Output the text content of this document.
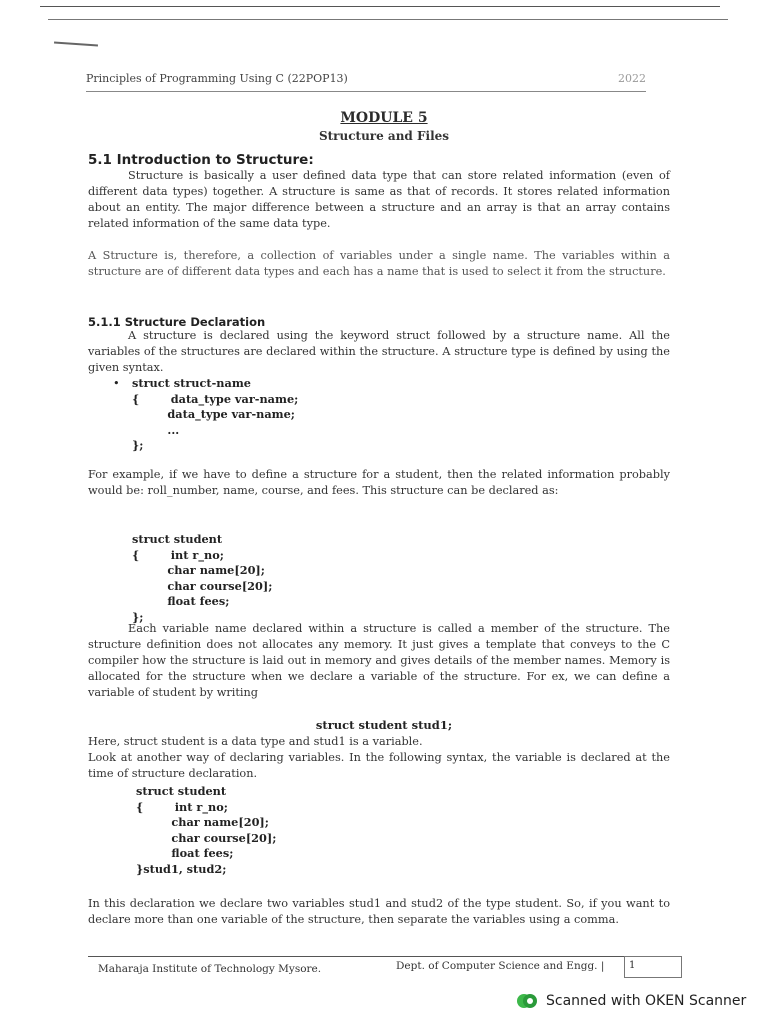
Principles of Programming Using C (22POP13)	2022
MODULE 5
Structure and Files
5.1 Introduction to Structure:
Structure is basically a user defined data type that can store related information (even of different data types) together. A structure is same as that of records. It stores related information about an entity. The major difference between a structure and an array is that an array contains related information of the same data type.
A Structure is, therefore, a collection of variables under a single name. The variables within a structure are of different data types and each has a name that is used to select it from the structure.
5.1.1 Structure Declaration
A structure is declared using the keyword struct followed by a structure name. All the variables of the structures are declared within the structure. A structure type is defined by using the given syntax.
• struct struct-name
{        data_type var-name;
data_type var-name;
...
};
For example, if we have to define a structure for a student, then the related information probably would be: roll_number, name, course, and fees. This structure can be declared as:
struct student
{        int r_no;
char name[20];
char course[20];
float fees;
};
Each variable name declared within a structure is called a member of the structure. The structure definition does not allocates any memory. It just gives a template that conveys to the C compiler how the structure is laid out in memory and gives details of the member names. Memory is allocated for the structure when we declare a variable of the structure. For ex, we can define a variable of student by writing
struct student stud1;
Here, struct student is a data type and stud1 is a variable.
Look at another way of declaring variables. In the following syntax, the variable is declared at the time of structure declaration.
struct student
{        int r_no;
char name[20];
char course[20];
float fees;
}stud1, stud2;
In this declaration we declare two variables stud1 and stud2 of the type student. So, if you want to declare more than one variable of the structure, then separate the variables using a comma.
Maharaja Institute of Technology Mysore.	Dept. of Computer Science and Engg. | 1
Scanned with OKEN Scanner
